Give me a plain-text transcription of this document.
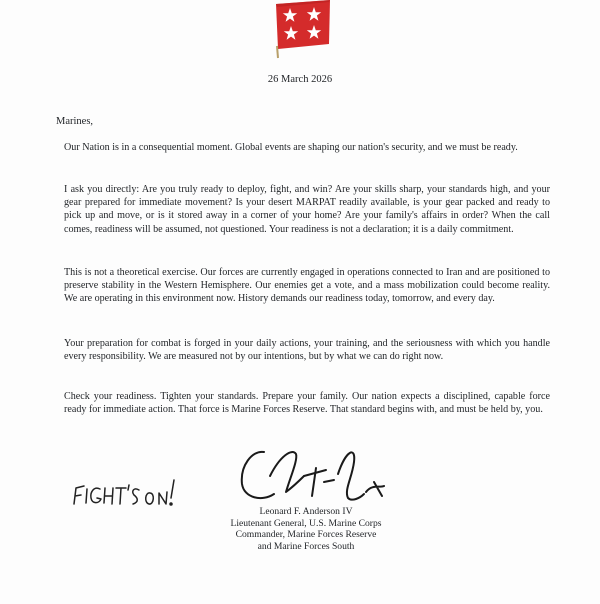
26 March 2026
Marines,

Our Nation is in a consequential moment. Global events are shaping our nation's security, and we must be ready.

I ask you directly: Are you truly ready to deploy, fight, and win? Are your skills sharp, your standards high, and your gear prepared for immediate movement? Is your desert MARPAT readily available, is your gear packed and ready to pick up and move, or is it stored away in a corner of your home? Are your family's affairs in order? When the call comes, readiness will be assumed, not questioned. Your readiness is not a declaration; it is a daily commitment.

This is not a theoretical exercise. Our forces are currently engaged in operations connected to Iran and are positioned to preserve stability in the Western Hemisphere. Our enemies get a vote, and a mass mobilization could become reality. We are operating in this environment now. History demands our readiness today, tomorrow, and every day.

Your preparation for combat is forged in your daily actions, your training, and the seriousness with which you handle every responsibility. We are measured not by our intentions, but by what we can do right now.

Check your readiness. Tighten your standards. Prepare your family. Our nation expects a disciplined, capable force ready for immediate action. That force is Marine Forces Reserve. That standard begins with, and must be held by, you.

Leonard F. Anderson IV
Lieutenant General, U.S. Marine Corps
Commander, Marine Forces Reserve
and Marine Forces South
